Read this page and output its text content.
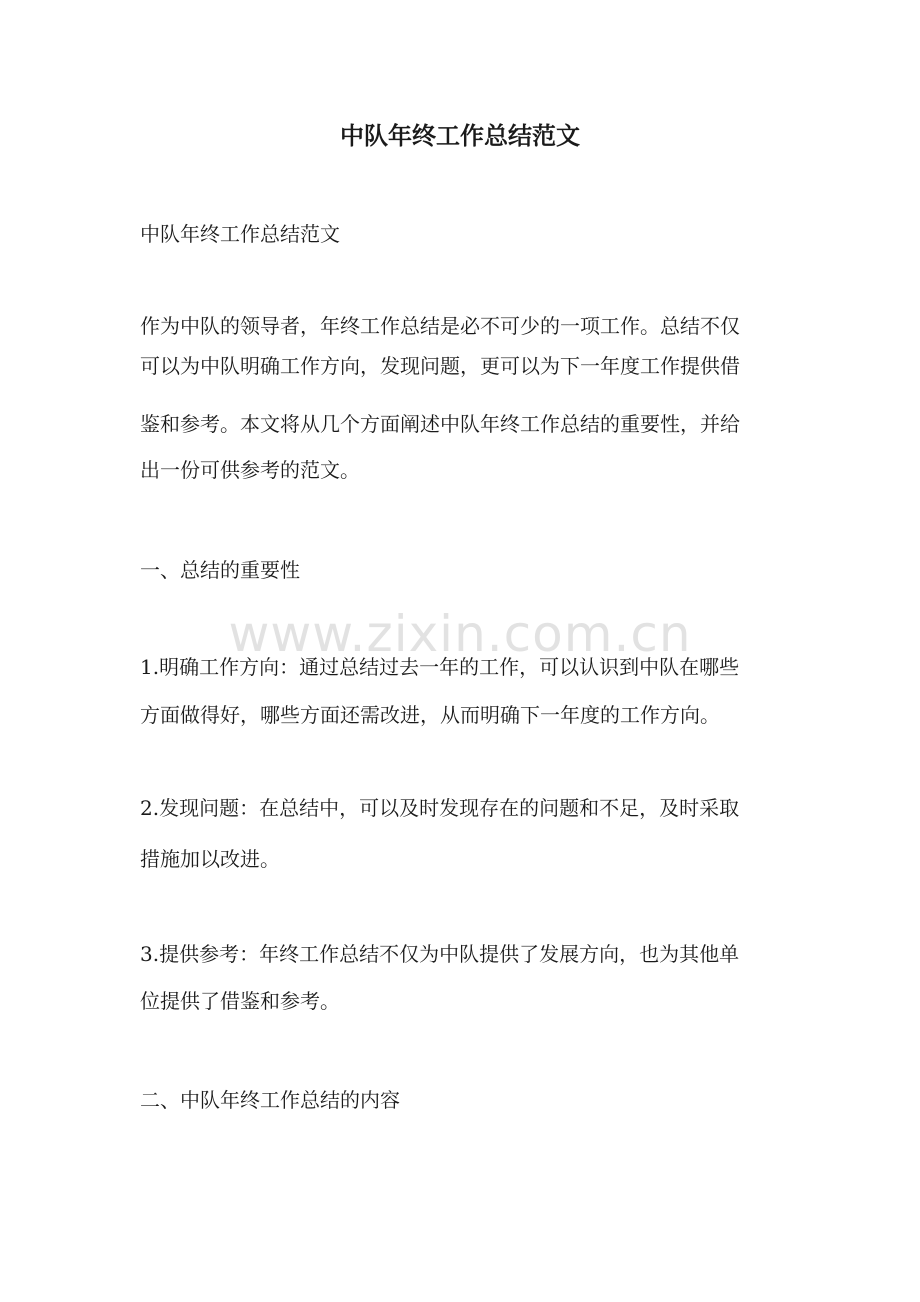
中队年终工作总结范文

中队年终工作总结范文

作为中队的领导者，年终工作总结是必不可少的一项工作。总结不仅

可以为中队明确工作方向，发现问题，更可以为下一年度工作提供借

鉴和参考。本文将从几个方面阐述中队年终工作总结的重要性，并给

出一份可供参考的范文。

一、总结的重要性

1.明确工作方向：通过总结过去一年的工作，可以认识到中队在哪些

方面做得好，哪些方面还需改进，从而明确下一年度的工作方向。

2.发现问题：在总结中，可以及时发现存在的问题和不足，及时采取

措施加以改进。

3.提供参考：年终工作总结不仅为中队提供了发展方向，也为其他单

位提供了借鉴和参考。

二、中队年终工作总结的内容

www.zixin.com.cn
